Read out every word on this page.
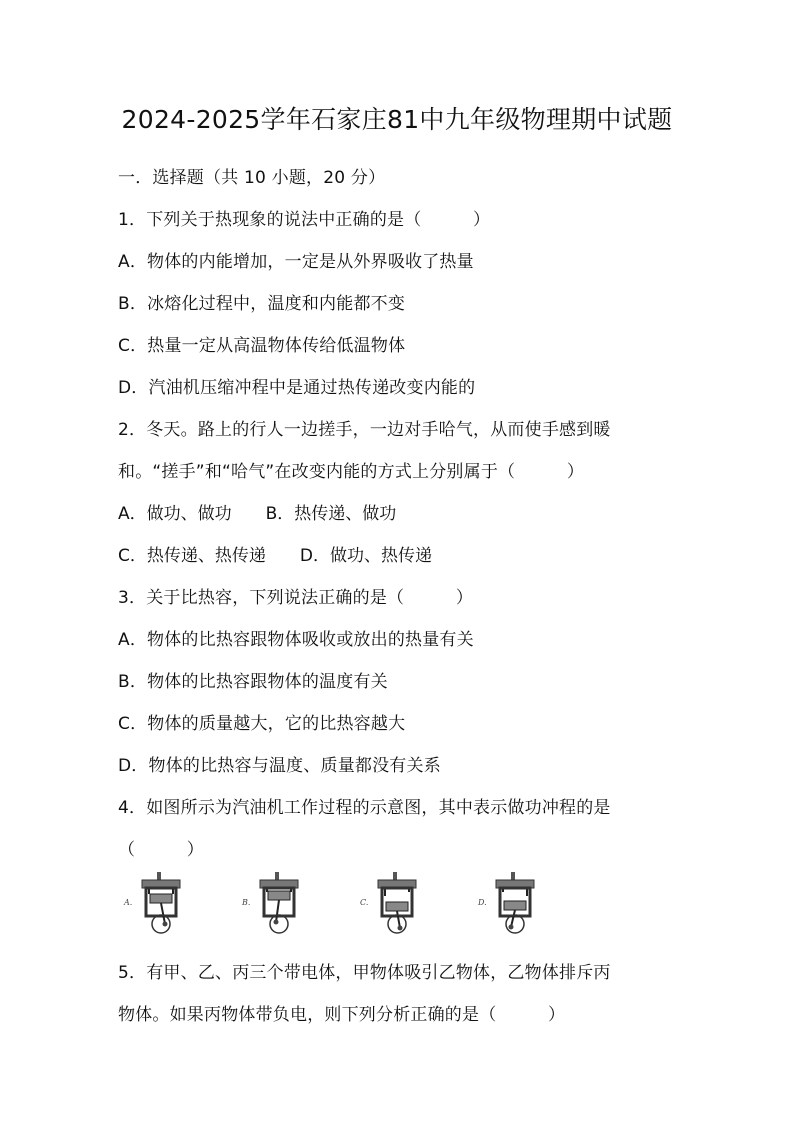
2024-2025学年石家庄81中九年级物理期中试题
一．选择题（共 10 小题，20 分）
1．下列关于热现象的说法中正确的是（　　　）
A．物体的内能增加，一定是从外界吸收了热量
B．冰熔化过程中，温度和内能都不变
C．热量一定从高温物体传给低温物体
D．汽油机压缩冲程中是通过热传递改变内能的
2．冬天。路上的行人一边搓手，一边对手哈气，从而使手感到暖
和。“搓手”和“哈气”在改变内能的方式上分别属于（　　　）
A．做功、做功 B．热传递、做功
C．热传递、热传递 D．做功、热传递
3．关于比热容，下列说法正确的是（　　　）
A．物体的比热容跟物体吸收或放出的热量有关
B．物体的比热容跟物体的温度有关
C．物体的质量越大，它的比热容越大
D．物体的比热容与温度、质量都没有关系
4．如图所示为汽油机工作过程的示意图，其中表示做功冲程的是
（　　　）
A.	B.	C.	D.
5．有甲、乙、丙三个带电体，甲物体吸引乙物体，乙物体排斥丙
物体。如果丙物体带负电，则下列分析正确的是（　　　）
